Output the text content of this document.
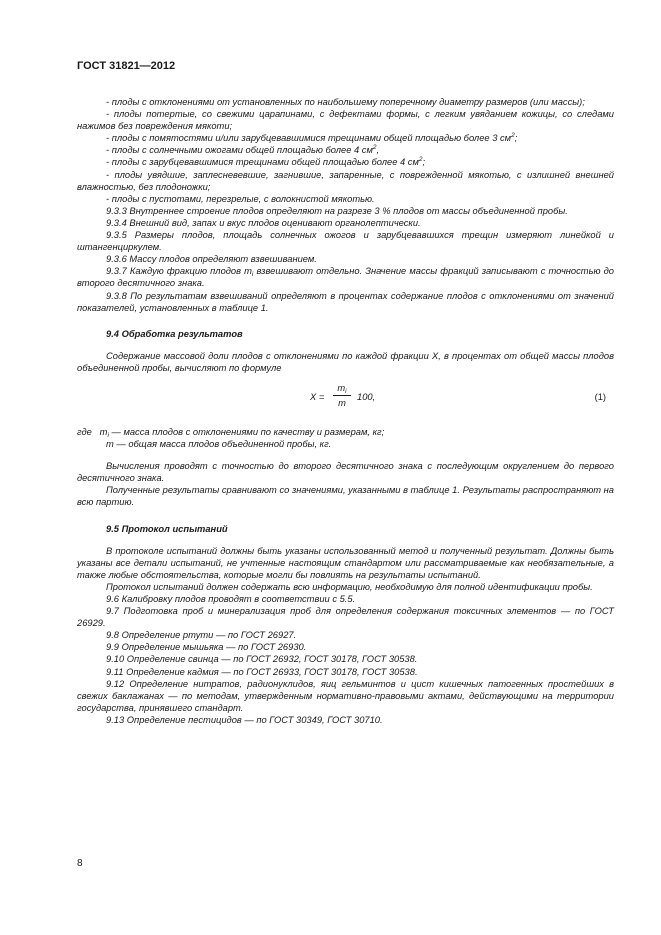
ГОСТ 31821—2012

- плоды с отклонениями от установленных по наибольшему поперечному диаметру размеров (или массы);

- плоды потертые, со свежими царапинами, с дефектами формы, с легким увяданием кожицы, со следами нажимов без повреждения мякоти;

- плоды с помятостями и/или зарубцевавшимися трещинами общей площадью более 3 $см^2$;

- плоды с солнечными ожогами общей площадью более 4 $см^2$,

- плоды с зарубцевавшимися трещинами общей площадью более 4 $см^2$;

- плоды увядшие, заплесневевшие, загнившие, запаренные, с поврежденной мякотью, с излишней внешней влажностью, без плодоножки;

- плоды с пустотами, перезрелые, с волокнистой мякотью.

9.3.3 Внутреннее строение плодов определяют на разрезе 3 % плодов от массы объединенной пробы.

9.3.4 Внешний вид, запах и вкус плодов оценивают органолептически.

9.3.5 Размеры плодов, площадь солнечных ожогов и зарубцевавшихся трещин измеряют линейкой и штангенциркулем.

9.3.6 Массу плодов определяют взвешиванием.

9.3.7 Каждую фракцию плодов $m_i$ взвешивают отдельно. Значение массы фракций записывают с точностью до второго десятичного знака.

9.3.8 По результатам взвешиваний определяют в процентах содержание плодов с отклонениями от значений показателей, установленных в таблице 1.

9.4 Обработка результатов

Содержание массовой доли плодов с отклонениями по каждой фракции X, в процентах от общей массы плодов объединенной пробы, вычисляют по формуле

$X = \frac{m_i}{m} 100$,	(1)

где $m_i$ — масса плодов с отклонениями по качеству и размерам, кг;

m — общая масса плодов объединенной пробы, кг.

Вычисления проводят с точностью до второго десятичного знака с последующим округлением до первого десятичного знака.

Полученные результаты сравнивают со значениями, указанными в таблице 1. Результаты распространяют на всю партию.

9.5 Протокол испытаний

В протоколе испытаний должны быть указаны использованный метод и полученный результат. Должны быть указаны все детали испытаний, не учтенные настоящим стандартом или рассматриваемые как необязательные, а также любые обстоятельства, которые могли бы повлиять на результаты испытаний.

Протокол испытаний должен содержать всю информацию, необходимую для полной идентификации пробы.

9.6 Калибровку плодов проводят в соответствии с 5.5.

9.7 Подготовка проб и минерализация проб для определения содержания токсичных элементов — по ГОСТ 26929.

9.8 Определение ртути — по ГОСТ 26927.

9.9 Определение мышьяка — по ГОСТ 26930.

9.10 Определение свинца — по ГОСТ 26932, ГОСТ 30178, ГОСТ 30538.

9.11 Определение кадмия — по ГОСТ 26933, ГОСТ 30178, ГОСТ 30538.

9.12 Определение нитратов, радионуклидов, яиц гельминтов и цист кишечных патогенных простейших в свежих баклажанах — по методам, утвержденным нормативно-правовыми актами, действующими на территории государства, принявшего стандарт.

9.13 Определение пестицидов — по ГОСТ 30349, ГОСТ 30710.

8
